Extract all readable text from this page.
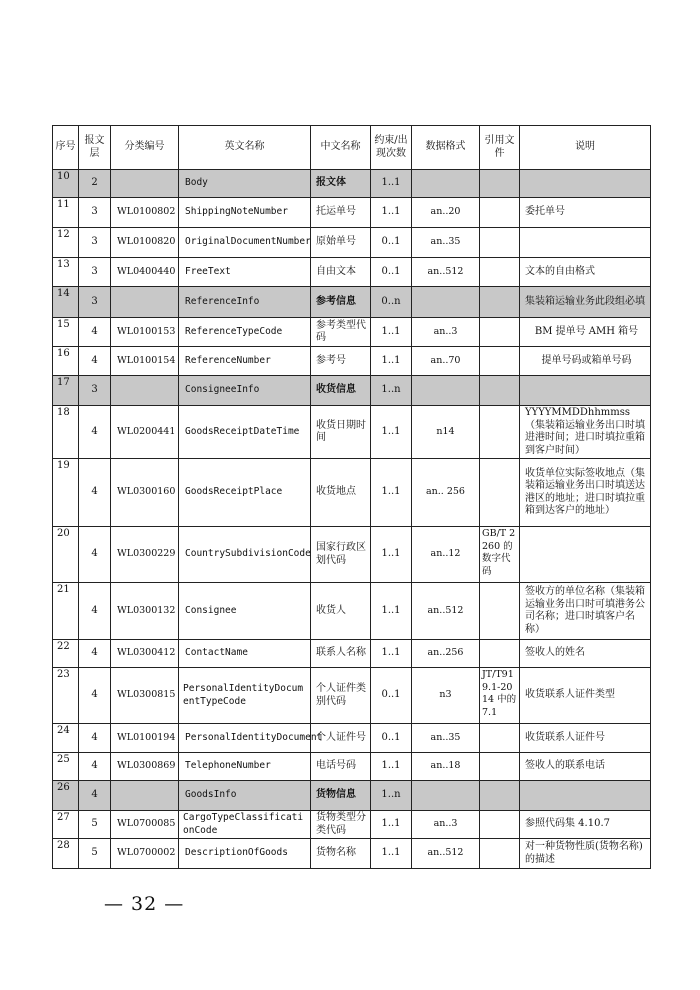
序号	报文层	分类编号	英文名称	中文名称	约束/出现次数	数据格式	引用文件	说明
10	2		Body	报文体	1..1			
11	3	WL0100802	ShippingNoteNumber	托运单号	1..1	an..20		委托单号
12	3	WL0100820	OriginalDocumentNumber	原始单号	0..1	an..35		
13	3	WL0400440	FreeText	自由文本	0..1	an..512		文本的自由格式
14	3		ReferenceInfo	参考信息	0..n			集装箱运输业务此段组必填
15	4	WL0100153	ReferenceTypeCode	参考类型代码	1..1	an..3		BM 提单号 AMH 箱号
16	4	WL0100154	ReferenceNumber	参考号	1..1	an..70		提单号码或箱单号码
17	3		ConsigneeInfo	收货信息	1..n			
18	4	WL0200441	GoodsReceiptDateTime	收货日期时间	1..1	n14		YYYYMMDDhhmmss（集装箱运输业务出口时填进港时间；进口时填拉重箱到客户时间）
19	4	WL0300160	GoodsReceiptPlace	收货地点	1..1	an.. 256		收货单位实际签收地点（集装箱运输业务出口时填送达港区的地址；进口时填拉重箱到达客户的地址）
20	4	WL0300229	CountrySubdivisionCode	国家行政区划代码	1..1	an..12	GB/T 2260 的数字代码	
21	4	WL0300132	Consignee	收货人	1..1	an..512		签收方的单位名称（集装箱运输业务出口时可填港务公司名称；进口时填客户名称）
22	4	WL0300412	ContactName	联系人名称	1..1	an..256		签收人的姓名
23	4	WL0300815	PersonalIdentityDocumentTypeCode	个人证件类别代码	0..1	n3	JT/T919.1-2014 中的7.1	收货联系人证件类型
24	4	WL0100194	PersonalIdentityDocument	个人证件号	0..1	an..35		收货联系人证件号
25	4	WL0300869	TelephoneNumber	电话号码	1..1	an..18		签收人的联系电话
26	4		GoodsInfo	货物信息	1..n			
27	5	WL0700085	CargoTypeClassificationCode	货物类型分类代码	1..1	an..3		参照代码集 4.10.7
28	5	WL0700002	DescriptionOfGoods	货物名称	1..1	an..512		对一种货物性质(货物名称)的描述
— 32 —
